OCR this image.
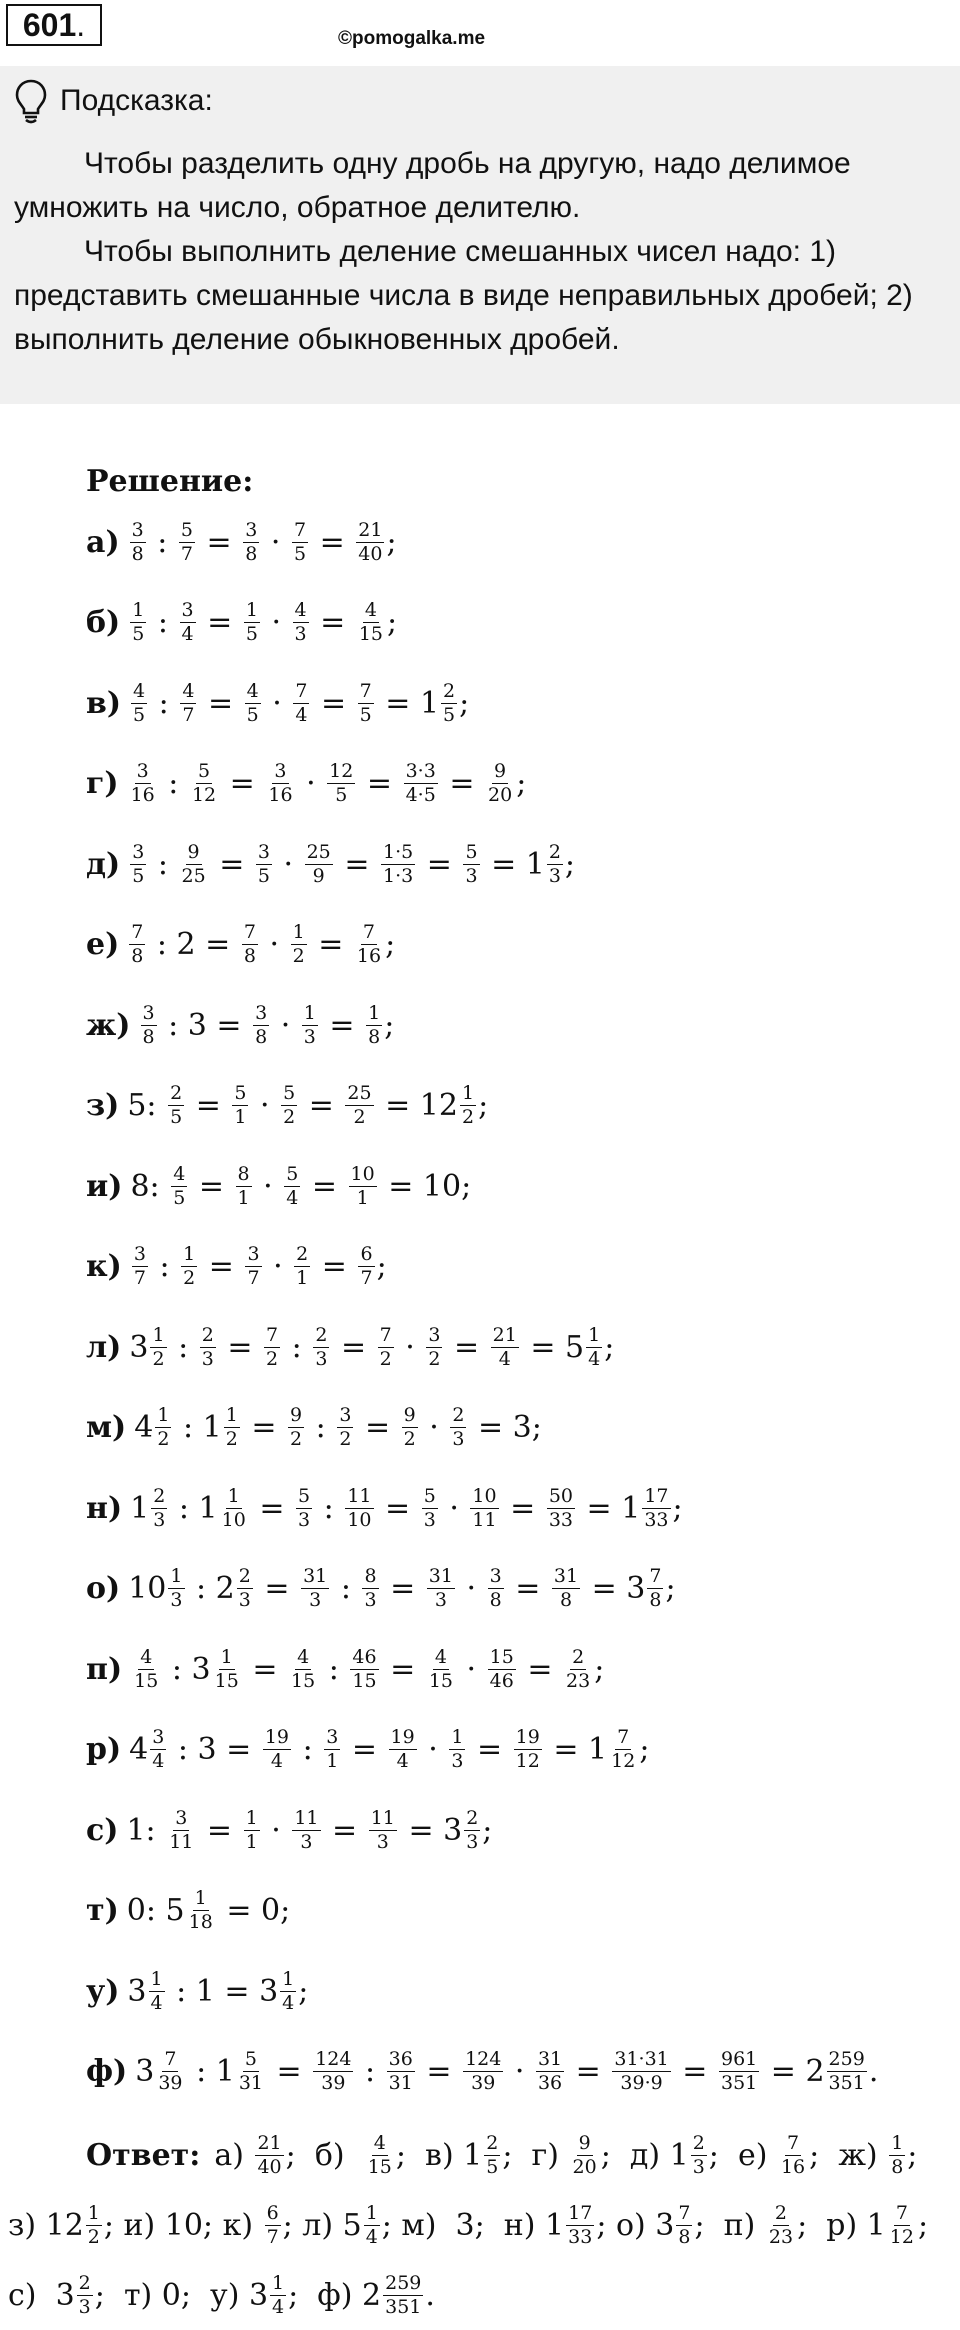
601 .	©pomogalka.me
Подсказка:

Чтобы разделить одну дробь на другую, надо делимое умножить на число, обратное делителю.

Чтобы выполнить деление смешанных чисел надо: 1) представить смешанные числа в виде неправильных дробей; 2) выполнить деление обыкновенных дробей.

Решение:
$а) \frac{3}{8}$ : $\frac{5}{7} = \frac{3}{8} \cdot \frac{7}{5} = \frac{21}{40}$ ;
$б) \frac{1}{5}$ : $\frac{3}{4} = \frac{1}{5} \cdot \frac{4}{3} = \frac{4}{15}$ ;
$в) \frac{4}{5}$ : $\frac{4}{7} = \frac{4}{5} \cdot \frac{7}{4} = \frac{7}{5} = 1 \frac{2}{5}$ ;
$г) \frac{3}{16}$ : $\frac{5}{12} = \frac{3}{16} \cdot \frac{12}{5} = \frac{3\cdot 3}{4\cdot 5} = \frac{9}{20}$ ;
$д) \frac{3}{5}$ : $\frac{9}{25} = \frac{3}{5} \cdot \frac{25}{9} = \frac{1\cdot 5}{1\cdot 3} = \frac{5}{3} = 1 \frac{2}{3}$ ;
$е) \frac{7}{8}$ : $2 = \frac{7}{8} \cdot \frac{1}{2} = \frac{7}{16}$ ;
$ж) \frac{3}{8}$ : $3 = \frac{3}{8} \cdot \frac{1}{3} = \frac{1}{8}$ ;
з) 5: $\frac{2}{5} = \frac{5}{1} \cdot \frac{5}{2} = \frac{25}{2} = 12 \frac{1}{2}$ ;
и) 8: $\frac{4}{5} = \frac{8}{1} \cdot \frac{5}{4} = \frac{10}{1} = 10$;
$к) \frac{3}{7}$ : $\frac{1}{2} = \frac{3}{7} \cdot \frac{2}{1} = \frac{6}{7}$ ;
л) $3 \frac{1}{2}$ : $\frac{2}{3} = \frac{7}{2}$ : $\frac{2}{3} = \frac{7}{2} \cdot \frac{3}{2} = \frac{21}{4} = 5 \frac{1}{4}$ ;
м) $4 \frac{1}{2}$ : $1 \frac{1}{2} = \frac{9}{2}$ : $\frac{3}{2} = \frac{9}{2} \cdot \frac{2}{3} = 3$;
н) $1 \frac{2}{3}$ : $1 \frac{1}{10} = \frac{5}{3}$ : $\frac{11}{10} = \frac{5}{3} \cdot \frac{10}{11} = \frac{50}{33} = 1 \frac{17}{33}$ ;
о) $10 \frac{1}{3}$ : $2 \frac{2}{3} = \frac{31}{3}$ : $\frac{8}{3} = \frac{31}{3} \cdot \frac{3}{8} = \frac{31}{8} = 3 \frac{7}{8}$ ;
$п) \frac{4}{15}$ : $3 \frac{1}{15} = \frac{4}{15}$ : $\frac{46}{15} = \frac{4}{15} \cdot \frac{15}{46} = \frac{2}{23}$ ;
р) $4 \frac{3}{4}$ : $3 = \frac{19}{4}$ : $\frac{3}{1} = \frac{19}{4} \cdot \frac{1}{3} = \frac{19}{12} = 1 \frac{7}{12}$ ;
с) 1: $\frac{3}{11} = \frac{1}{1} \cdot \frac{11}{3} = \frac{11}{3} = 3 \frac{2}{3}$ ;
т) 0: $5 \frac{1}{18} = 0$;
у) $3 \frac{1}{4}$ : $1 = 3 \frac{1}{4}$ ;
ф) $3 \frac{7}{39}$ : $1 \frac{5}{31} = \frac{124}{39}$ : $\frac{36}{31} = \frac{124}{39} \cdot \frac{31}{36} = \frac{31\cdot 31}{39\cdot 9} = \frac{961}{351} = 2 \frac{259}{351}$ .
Ответ: $а) \frac{21}{40}$ ;  $б) \frac{4}{15}$ ;  в) $1 \frac{2}{5}$ ;  $г) \frac{9}{20}$ ;  д) $1 \frac{2}{3}$ ;  $е) \frac{7}{16}$ ;  $ж) \frac{1}{8}$ ;
з) $12 \frac{1}{2}$ ; и) 10; $к) \frac{6}{7}$ ; л) $5 \frac{1}{4}$ ; м)  3;  н) $1 \frac{17}{33}$ ; о) $3 \frac{7}{8}$ ;  $п) \frac{2}{23}$ ;  р) $1 \frac{7}{12}$ ;
с)  $3 \frac{2}{3}$ ;  т) 0;  у) $3 \frac{1}{4}$ ;  ф) $2 \frac{259}{351}$ .
